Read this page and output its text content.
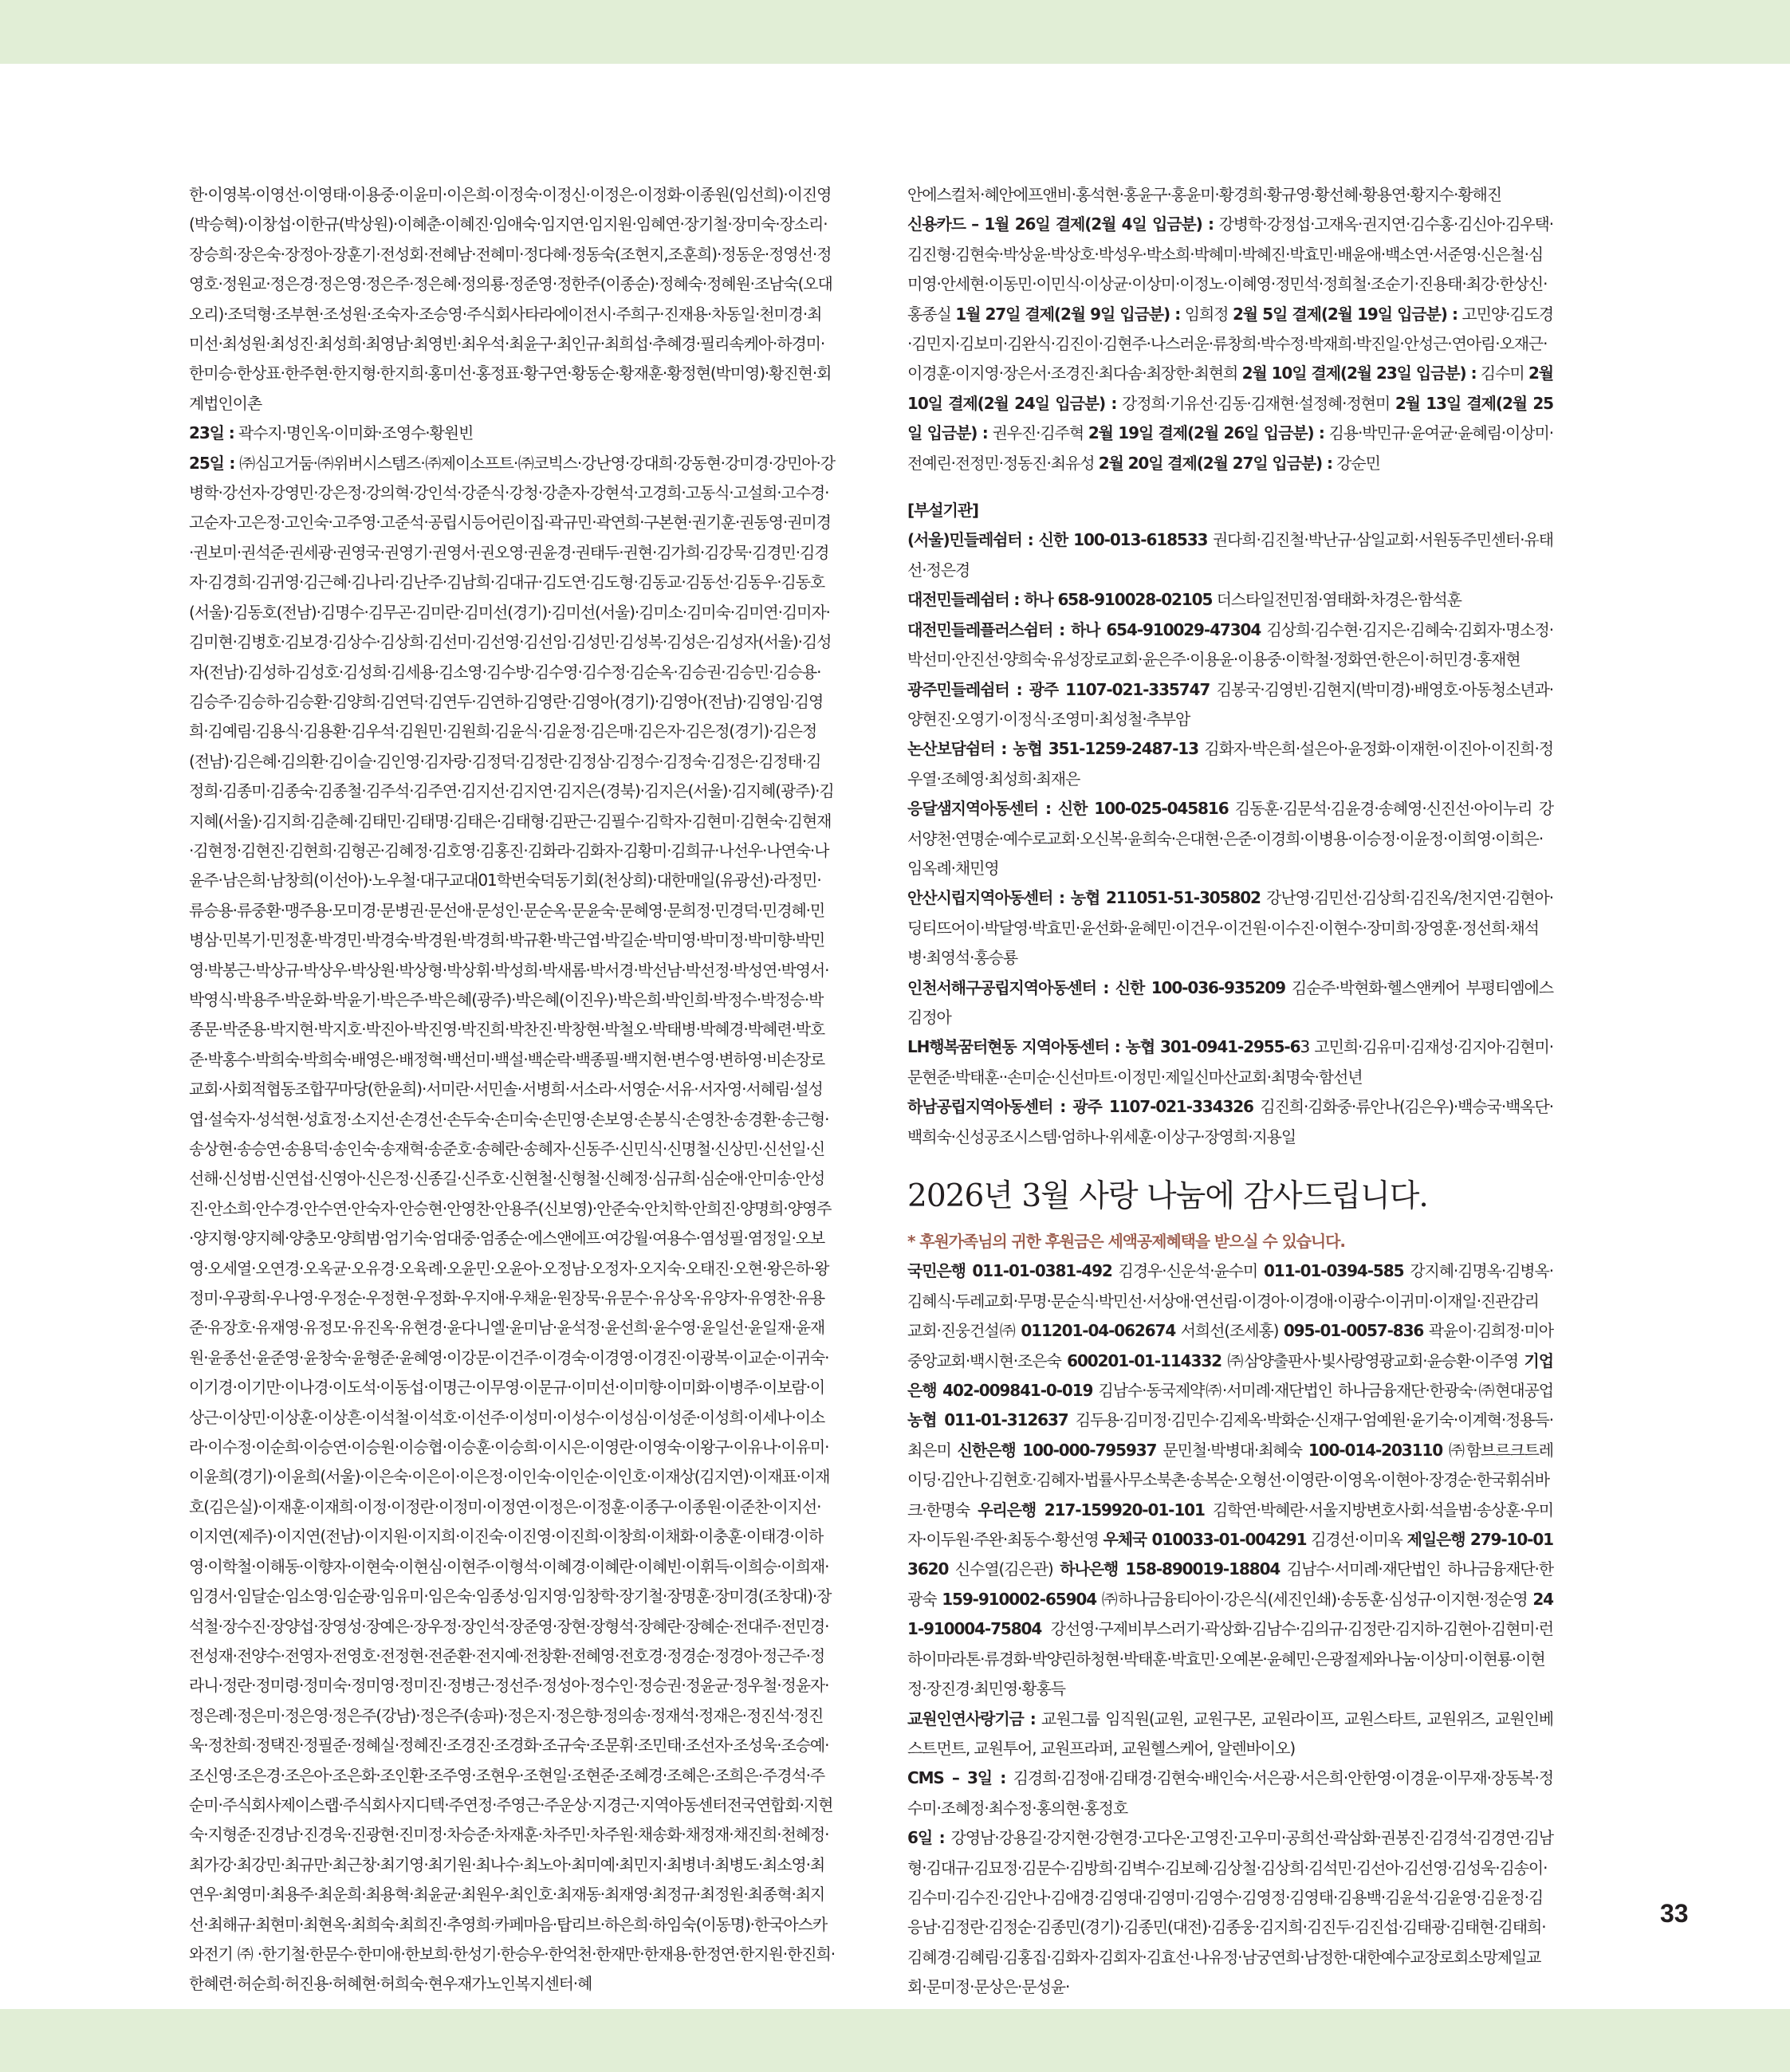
한·이영복·이영선·이영태·이용중·이윤미·이은희·이정숙·이정신·이정은·이정화·이종원(임선희)·이진영(박승혁)·이창섭·이한규(박상원)·이혜춘·이혜진·임애숙·임지연·임지원·임혜연·장기철·장미숙·장소리·장승희·장은숙·장정아·장훈기·전성회·전혜남·전혜미·정다혜·정동숙(조현지,조훈희)·정동운·정영선·정영호·정원교·정은경·정은영·정은주·정은혜·정의룡·정준영·정한주(이종순)·정혜숙·정혜원·조남숙(오대오리)·조덕형·조부현·조성원·조숙자·조승영·주식회사타라에이전시·주희구·진재용·차동일·천미경·최미선·최성원·최성진·최성희·최영남·최영빈·최우석·최윤구·최인규·최희섭·추혜경·필리속케아·하경미·한미승·한상표·한주현·한지형·한지희·홍미선·홍정표·황구연·황동순·황재훈·황정현(박미영)·황진현·회계법인이촌

23일 : 곽수지·명인옥·이미화·조영수·황원빈

25일 : ㈜심고거둠·㈜위버시스템즈·㈜제이소프트·㈜코빅스·강난영·강대희·강동현·강미경·강민아·강병학·강선자·강영민·강은정·강의혁·강인석·강준식·강청·강춘자·강현석·고경희·고동식·고설희·고수경·고순자·고은정·고인숙·고주영·고준석·공립시등어린이집·곽규민·곽연희·구본현·권기훈·권동영·권미경·권보미·권석준·권세광·권영국·권영기·권영서·권오영·권윤경·권태두·권현·김가희·김강묵·김경민·김경자·김경희·김귀영·김근혜·김나리·김난주·김남희·김대규·김도연·김도형·김동교·김동선·김동우·김동호(서울)·김동호(전남)·김명수·김무곤·김미란·김미선(경기)·김미선(서울)·김미소·김미숙·김미연·김미자·김미현·김병호·김보경·김상수·김상희·김선미·김선영·김선임·김성민·김성복·김성은·김성자(서울)·김성자(전남)·김성하·김성호·김성희·김세용·김소영·김수방·김수영·김수정·김순옥·김승권·김승민·김승용·김승주·김승하·김승환·김양희·김연덕·김연두·김연하·김영란·김영아(경기)·김영아(전남)·김영임·김영희·김예림·김용식·김용환·김우석·김원민·김원희·김윤식·김윤정·김은매·김은자·김은정(경기)·김은정(전남)·김은혜·김의환·김이슬·김인영·김자랑·김정덕·김정란·김정삼·김정수·김정숙·김정은·김정태·김정희·김종미·김종숙·김종철·김주석·김주연·김지선·김지연·김지은(경북)·김지은(서울)·김지혜(광주)·김지혜(서울)·김지희·김춘혜·김태민·김태명·김태은·김태형·김판근·김필수·김학자·김현미·김현숙·김현재·김현정·김현진·김현희·김형곤·김혜정·김호영·김홍진·김화라·김화자·김황미·김희규·나선우·나연숙·나윤주·남은희·남창희(이선아)·노우철·대구교대01학번숙덕동기회(천상희)·대한매일(유광선)·라정민·류승용·류중환·맹주용·모미경·문병권·문선애·문성인·문순옥·문윤숙·문혜영·문희정·민경덕·민경혜·민병삼·민복기·민정훈·박경민·박경숙·박경원·박경희·박규환·박근엽·박길순·박미영·박미정·박미향·박민영·박봉근·박상규·박상우·박상원·박상형·박상휘·박성희·박새롬·박서경·박선남·박선정·박성연·박영서·박영식·박용주·박운화·박윤기·박은주·박은혜(광주)·박은혜(이진우)·박은희·박인희·박정수·박정승·박종문·박준용·박지현·박지호·박진아·박진영·박진희·박찬진·박창현·박철오·박태병·박혜경·박혜련·박호준·박홍수·박희숙·박희숙·배영은·배정혁·백선미·백설·백순락·백종필·백지현·변수영·변하영·비손장로교회·사회적협동조합꾸마당(한윤희)·서미란·서민솔·서병희·서소라·서영순·서유·서자영·서혜림·설성엽·설숙자·성석현·성효정·소지선·손경선·손두숙·손미숙·손민영·손보영·손봉식·손영찬·송경환·송근형·송상현·송승연·송용덕·송인숙·송재혁·송준호·송혜란·송혜자·신동주·신민식·신명철·신상민·신선일·신선해·신성범·신연섭·신영아·신은정·신종길·신주호·신현철·신형철·신혜정·심규희·심순애·안미송·안성진·안소희·안수경·안수연·안숙자·안승현·안영찬·안용주(신보영)·안준숙·안치학·안희진·양명희·양영주·양지형·양지혜·양충모·양희범·엄기숙·엄대중·엄종순·에스앤에프·여강월·여용수·염성필·염정일·오보영·오세열·오연경·오옥균·오유경·오육례·오윤민·오윤아·오정남·오정자·오지숙·오태진·오현·왕은하·왕정미·우광희·우나영·우정순·우정현·우정화·우지애·우채윤·원장묵·유문수·유상옥·유양자·유영찬·유용준·유장호·유재영·유정모·유진옥·유현경·윤다니엘·윤미남·윤석정·윤선희·윤수영·윤일선·윤일재·윤재원·윤종선·윤준영·윤창숙·윤형준·윤혜영·이강문·이건주·이경숙·이경영·이경진·이광복·이교순·이귀숙·이기경·이기만·이나경·이도석·이동섭·이명근·이무영·이문규·이미선·이미향·이미화·이병주·이보람·이상근·이상민·이상훈·이상흔·이석철·이석호·이선주·이성미·이성수·이성심·이성준·이성희·이세나·이소라·이수정·이순희·이승연·이승원·이승협·이승훈·이승희·이시은·이영란·이영숙·이왕구·이유나·이유미·이윤희(경기)·이윤희(서울)·이은숙·이은이·이은정·이인숙·이인순·이인호·이재상(김지연)·이재표·이재호(김은실)·이재훈·이재희·이정·이정란·이정미·이정연·이정은·이정훈·이종구·이종원·이준찬·이지선·이지연(제주)·이지연(전남)·이지원·이지희·이진숙·이진영·이진희·이창희·이채화·이충훈·이태경·이하영·이학철·이해동·이향자·이현숙·이현심·이현주·이형석·이혜경·이혜란·이혜빈·이휘득·이희승·이희재·임경서·임달순·임소영·임순광·임유미·임은숙·임종성·임지영·임창학·장기철·장명훈·장미경(조창대)·장석철·장수진·장양섭·장영성·장예은·장우정·장인석·장준영·장현·장형석·장혜란·장혜순·전대주·전민경·전성재·전양수·전영자·전영호·전정현·전준환·전지예·전창환·전혜영·전호경·정경순·정경아·정근주·정라니·정란·정미령·정미숙·정미영·정미진·정병근·정선주·정성아·정수인·정승권·정윤균·정우철·정윤자·정은례·정은미·정은영·정은주(강남)·정은주(송파)·정은지·정은향·정의송·정재석·정재은·정진석·정진욱·정찬희·정택진·정필준·정혜실·정혜진·조경진·조경화·조규숙·조문휘·조민태·조선자·조성욱·조승예·조신영·조은경·조은아·조은화·조인환·조주영·조현우·조현일·조현준·조혜경·조혜은·조희은·주경석·주순미·주식회사제이스랩·주식회사지디텍·주연정·주영근·주운상·지경근·지역아동센터전국연합회·지현숙·지형준·진경남·진경욱·진광현·진미정·차승준·차재훈·차주민·차주원·채송화·채정재·채진희·천혜정·최가강·최강민·최규만·최근창·최기영·최기원·최나수·최노아·최미예·최민지·최병녀·최병도·최소영·최연우·최영미·최용주·최운희·최용혁·최윤균·최원우·최인호·최재동·최재영·최정규·최정원·최종혁·최지선·최해규·최현미·최현옥·최희숙·최희진·추영희·카페마음·탑리브·하은희·하임숙(이동명)·한국아스카와전기㈜·한기철·한문수·한미애·한보희·한성기·한승우·한억천·한재만·한재용·한정연·한지원·한진희·한혜련·허순희·허진용·허혜현·허희숙·현우재가노인복지센터·혜

안에스컬처·혜안에프앤비·홍석현·홍윤구·홍윤미·황경희·황규영·황선혜·황용연·황지수·황해진

신용카드 – 1월 26일 결제(2월 4일 입금분) : 강병학·강정섭·고재옥·권지연·김수홍·김신아·김우택·김진형·김현숙·박상윤·박상호·박성우·박소희·박혜미·박혜진·박효민·배윤애·백소연·서준영·신은철·심미영·안세현·이동민·이민식·이상균·이상미·이정노·이혜영·정민석·정희철·조순기·진용태·최강·한상신·홍종실 1월 27일 결제(2월 9일 입금분) : 임희정 2월 5일 결제(2월 19일 입금분) : 고민양·김도경·김민지·김보미·김완식·김진이·김현주·나스러운·류창희·박수정·박재희·박진일·안성근·연아림·오재근·이경훈·이지영·장은서·조경진·최다솜·최장한·최현희 2월 10일 결제(2월 23일 입금분) : 김수미 2월 10일 결제(2월 24일 입금분) : 강정희·기유선·김동·김재현·설정혜·정현미 2월 13일 결제(2월 25일 입금분) : 권우진·김주혁 2월 19일 결제(2월 26일 입금분) : 김용·박민규·윤여균·윤혜림·이상미·전예린·전정민·정동진·최유성 2월 20일 결제(2월 27일 입금분) : 강순민

[부설기관]

(서울)민들레쉼터 : 신한 100-013-618533 권다희·김진철·박난규·삼일교회·서원동주민센터·유태선·정은경

대전민들레쉼터 : 하나 658-910028-02105 더스타일전민점·염태화·차경은·함석훈

대전민들레플러스쉼터 : 하나 654-910029-47304 김상희·김수현·김지은·김혜숙·김회자·명소정·박선미·안진선·양희숙·유성장로교회·윤은주·이용윤·이용중·이학철·정화연·한은이·허민경·홍재현

광주민들레쉼터 : 광주 1107-021-335747 김봉국·김영빈·김현지(박미경)·배영호·아동청소년과·양현진·오영기·이정식·조영미·최성철·추부암

논산보담쉼터 : 농협 351-1259-2487-13 김화자·박은희·설은아·윤정화·이재헌·이진아·이진희·정우열·조혜영·최성희·최재은

응달샘지역아동센터 : 신한 100-025-045816 김동훈·김문석·김윤경·송혜영·신진선·아이누리 강서양천·연명순·예수로교회·오신복·윤희숙·은대현·은준·이경희·이병용·이승정·이윤정·이희영·이희은·임옥례·채민영

안산시립지역아동센터 : 농협 211051-51-305802 강난영·김민선·김상희·김진옥/천지연·김현아·딩티뜨어이·박달영·박효민·윤선화·윤혜민·이건우·이건원·이수진·이현수·장미희·장영훈·정선희·채석병·최영석·홍승룡

인천서해구공립지역아동센터 : 신한 100-036-935209 김순주·박현화·헬스앤케어 부평티엠에스 김정아

LH행복꿈터현동 지역아동센터 : 농협 301-0941-2955-63 고민희·김유미·김재성·김지아·김현미·문현준·박태훈··손미순·신선마트·이정민·제일신마산교회·최명숙·함선년

하남공립지역아동센터 : 광주 1107-021-334326 김진희·김화중·류안나(김은우)·백승국·백옥단·백희숙·신성공조시스템·엄하나·위세훈·이상구·장영희·지용일

2026년 3월 사랑 나눔에 감사드립니다.

* 후원가족님의 귀한 후원금은 세액공제혜택을 받으실 수 있습니다.

국민은행 011-01-0381-492 김경우·신운석·윤수미 011-01-0394-585 강지혜·김명옥·김병옥·김혜식·두레교회·무명·문순식·박민선·서상애·연선림·이경아·이경애·이광수·이귀미·이재일·진관감리교회·진웅건설㈜ 011201-04-062674 서희선(조세홍) 095-01-0057-836 곽윤이·김희정·미아중앙교회·백시현·조은숙 600201-01-114332 ㈜삼양출판사·빛사랑영광교회·윤승환·이주영 기업은행 402-009841-0-019 김남수·동국제약㈜·서미례·재단법인 하나금융재단·한광숙·㈜현대공업 농협 011-01-312637 김두용·김미정·김민수·김제옥·박화순·신재구·엄예원·윤기숙·이계혁·정용득·최은미 신한은행 100-000-795937 문민철·박병대·최혜숙 100-014-203110 ㈜함브르크트레이딩·김안나·김현호·김혜자·법률사무소북촌·송복순·오형선·이영란·이영옥·이현아·장경순·한국휘쉬바크·한명숙 우리은행 217-159920-01-101 김학연·박혜란·서울지방변호사회·석을범·송상훈·우미자·이두원·주완·최동수·황선영 우체국 010033-01-004291 김경선·이미옥 제일은행 279-10-013620 신수열(김은관) 하나은행 158-890019-18804 김남수·서미례·재단법인 하나금융재단·한광숙 159-910002-65904 ㈜하나금융티아이·강은식(세진인쇄)·송동훈·심성규·이지현·정순영 241-910004-75804 강선영·구제비부스러기·곽상화·김남수·김의규·김정란·김지하·김현아·김현미·런하이마라톤·류경화·박양린하청현·박태훈·박효민·오예본·윤혜민·은광절제와나눔·이상미·이현룡·이현정·장진경·최민영·황홍득

교원인연사랑기금 : 교원그룹 임직원(교원, 교원구몬, 교원라이프, 교원스타트, 교원위즈, 교원인베스트먼트, 교원투어, 교원프라퍼, 교원헬스케어, 알렌바이오)

CMS – 3일 : 김경희·김정애·김태경·김현숙·배인숙·서은광·서은희·안한영·이경윤·이무재·장동복·정수미·조혜정·최수정·홍의현·홍정호

6일 : 강영남·강용길·강지현·강현경·고다온·고영진·고우미·공희선·곽삼화·권봉진·김경석·김경연·김남형·김대규·김묘정·김문수·김방희·김벽수·김보혜·김상철·김상희·김석민·김선아·김선영·김성욱·김송이·김수미·김수진·김안나·김애경·김영대·김영미·김영수·김영정·김영태·김용백·김윤석·김윤영·김윤정·김응남·김정란·김정순·김종민(경기)·김종민(대전)·김종웅·김지희·김진두·김진섭·김태광·김태현·김태희·김혜경·김혜림·김홍집·김화자·김회자·김효선·나유정·남궁연희·남정한·대한예수교장로회소망제일교회·문미정·문상은·문성윤·

33
